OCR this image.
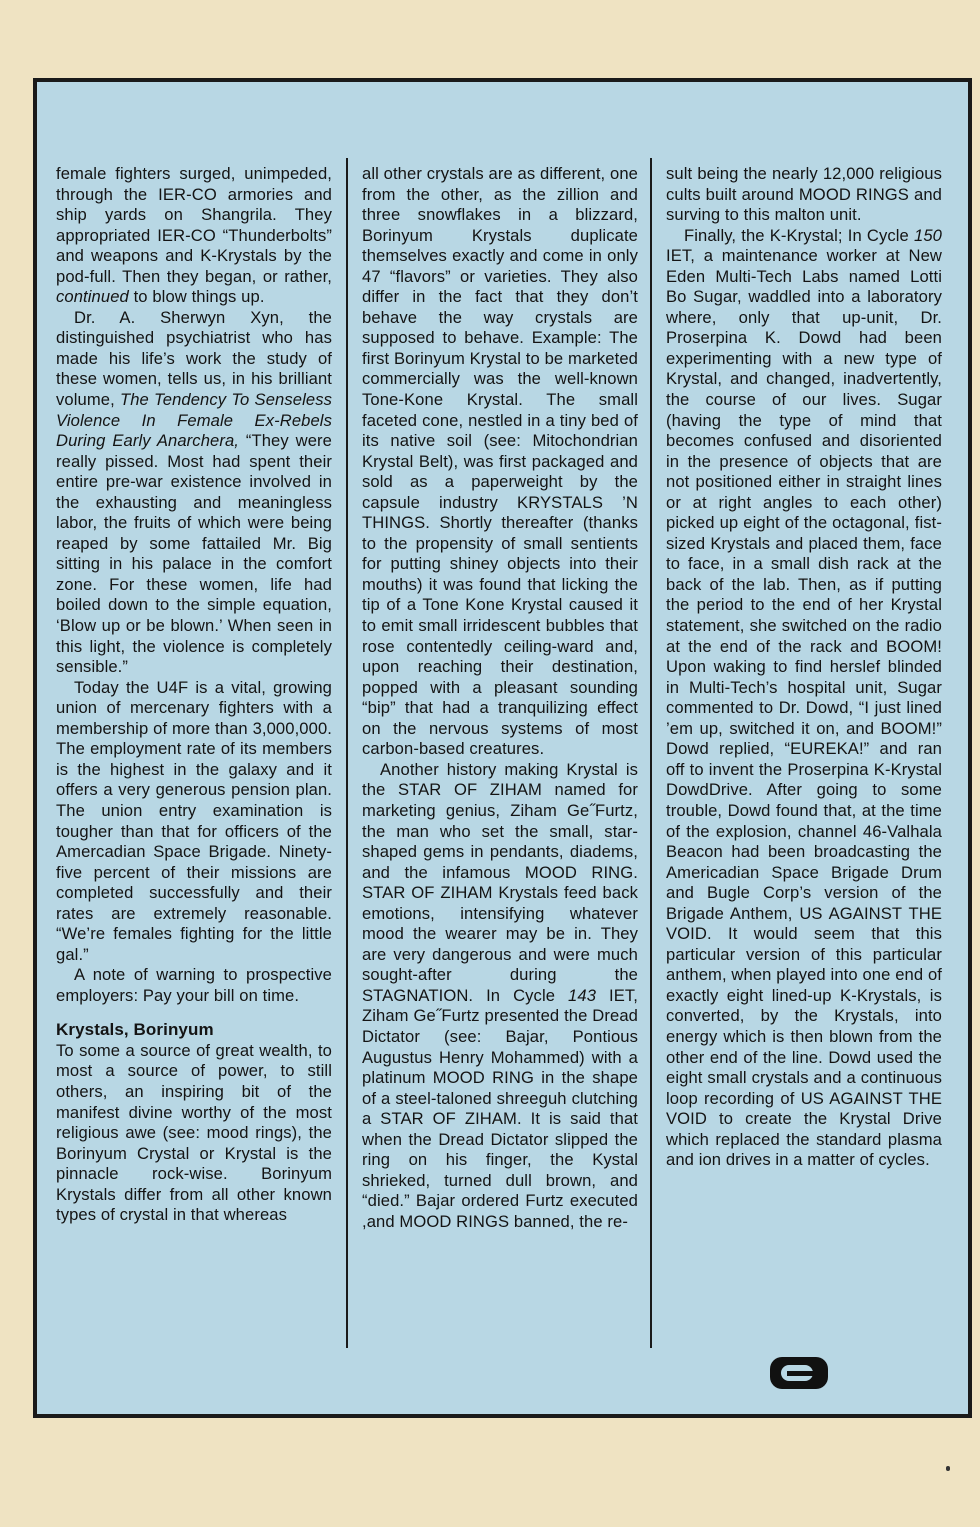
female fighters surged, unimpeded, through the IER-CO armories and ship yards on Shangrila. They appropriated IER-CO “Thunderbolts” and weapons and K-Krystals by the pod-full. Then they began, or rather, continued to blow things up.

Dr. A. Sherwyn Xyn, the distinguished psychiatrist who has made his life’s work the study of these women, tells us, in his brilliant volume, The Tendency To Senseless Violence In Female Ex-Rebels During Early Anarchera, “They were really pissed. Most had spent their entire pre-war existence involved in the exhausting and meaningless labor, the fruits of which were being reaped by some fattailed Mr. Big sitting in his palace in the comfort zone. For these women, life had boiled down to the simple equation, ‘Blow up or be blown.’ When seen in this light, the violence is completely sensible.”

Today the U4F is a vital, growing union of mercenary fighters with a membership of more than 3,000,000. The employment rate of its members is the highest in the galaxy and it offers a very generous pension plan. The union entry examination is tougher than that for officers of the Amercadian Space Brigade. Ninety-five percent of their missions are completed successfully and their rates are extremely reasonable. “We’re females fighting for the little gal.”

A note of warning to prospective employers: Pay your bill on time.

Krystals, Borinyum

To some a source of great wealth, to most a source of power, to still others, an inspiring bit of the manifest divine worthy of the most religious awe (see: mood rings), the Borinyum Crystal or Krystal is the pinnacle rock-wise. Borinyum Krystals differ from all other known types of crystal in that whereas

all other crystals are as different, one from the other, as the zillion and three snowflakes in a blizzard, Borinyum Krystals duplicate themselves exactly and come in only 47 “flavors” or varieties. They also differ in the fact that they don’t behave the way crystals are supposed to behave. Example: The first Borinyum Krystal to be marketed commercially was the well-known Tone-Kone Krystal. The small faceted cone, nestled in a tiny bed of its native soil (see: Mitochondrian Krystal Belt), was first packaged and sold as a paperweight by the capsule industry KRYSTALS ’N THINGS. Shortly thereafter (thanks to the propensity of small sentients for putting shiney objects into their mouths) it was found that licking the tip of a Tone Kone Krystal caused it to emit small irridescent bubbles that rose contentedly ceiling-ward and, upon reaching their destination, popped with a pleasant sounding “bip” that had a tranquilizing effect on the nervous systems of most carbon-based creatures.

Another history making Krystal is the STAR OF ZIHAM named for marketing genius, Ziham Ge˝Furtz, the man who set the small, star-shaped gems in pendants, diadems, and the infamous MOOD RING. STAR OF ZIHAM Krystals feed back emotions, intensifying whatever mood the wearer may be in. They are very dangerous and were much sought-after during the STAGNATION. In Cycle 143 IET, Ziham Ge˝Furtz presented the Dread Dictator (see: Bajar, Pontious Augustus Henry Mohammed) with a platinum MOOD RING in the shape of a steel-taloned shreeguh clutching a STAR OF ZIHAM. It is said that when the Dread Dictator slipped the ring on his finger, the Kystal shrieked, turned dull brown, and “died.” Bajar ordered Furtz executed ,and MOOD RINGS banned, the re-

sult being the nearly 12,000 religious cults built around MOOD RINGS and surving to this malton unit.

Finally, the K-Krystal; In Cycle 150 IET, a maintenance worker at New Eden Multi-Tech Labs named Lotti Bo Sugar, waddled into a laboratory where, only that up-unit, Dr. Proserpina K. Dowd had been experimenting with a new type of Krystal, and changed, inadvertently, the course of our lives. Sugar (having the type of mind that becomes confused and disoriented in the presence of objects that are not positioned either in straight lines or at right angles to each other) picked up eight of the octagonal, fist-sized Krystals and placed them, face to face, in a small dish rack at the back of the lab. Then, as if putting the period to the end of her Krystal statement, she switched on the radio at the end of the rack and BOOM! Upon waking to find herslef blinded in Multi-Tech’s hospital unit, Sugar commented to Dr. Dowd, “I just lined ’em up, switched it on, and BOOM!” Dowd replied, “EUREKA!” and ran off to invent the Proserpina K-Krystal DowdDrive. After going to some trouble, Dowd found that, at the time of the explosion, channel 46-Valhala Beacon had been broadcasting the Americadian Space Brigade Drum and Bugle Corp’s version of the Brigade Anthem, US AGAINST THE VOID. It would seem that this particular version of this particular anthem, when played into one end of exactly eight lined-up K-Krystals, is converted, by the Krystals, into energy which is then blown from the other end of the line. Dowd used the eight small crystals and a continuous loop recording of US AGAINST THE VOID to create the Krystal Drive which replaced the standard plasma and ion drives in a matter of cycles.
